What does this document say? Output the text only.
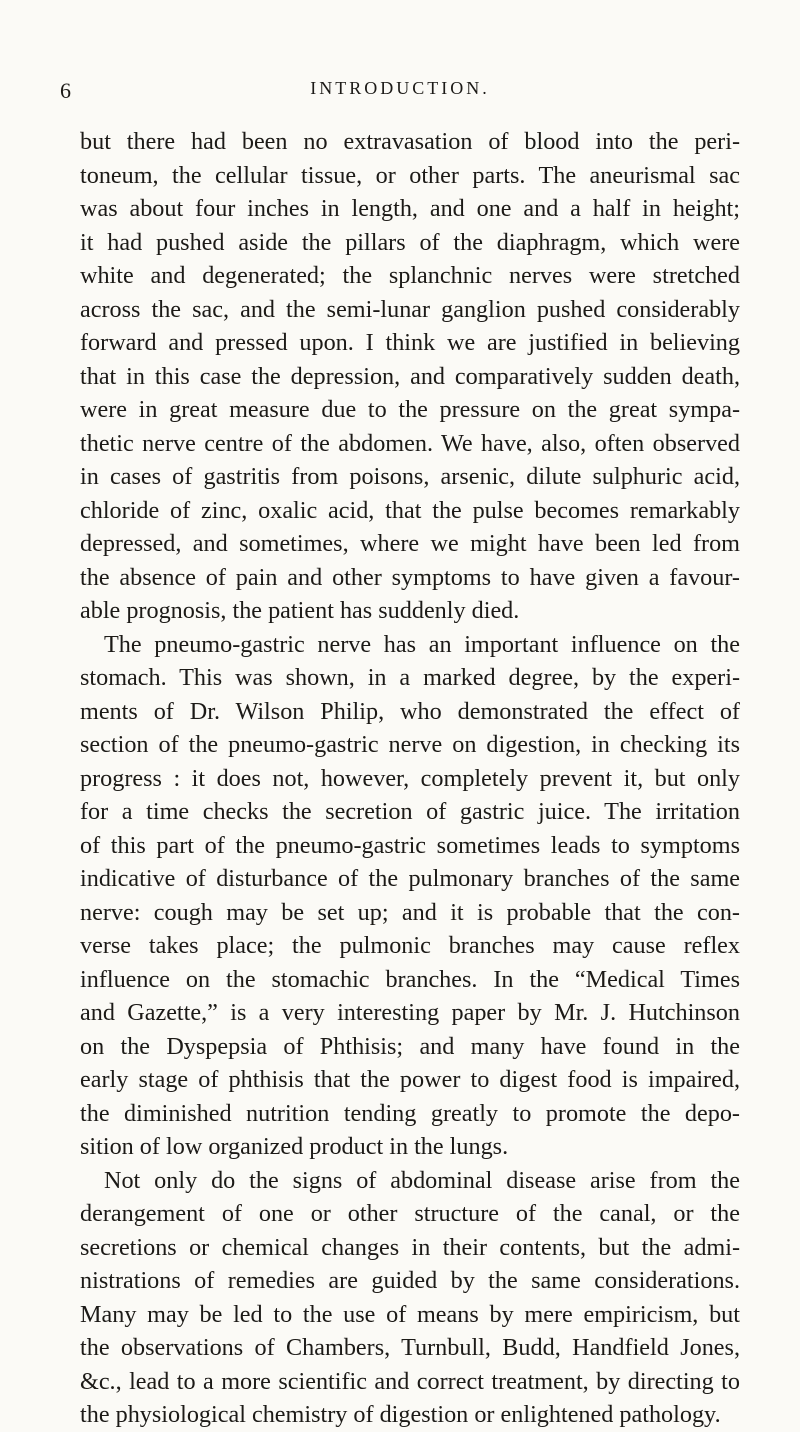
6	INTRODUCTION.
but there had been no extravasation of blood into the peri-
toneum, the cellular tissue, or other parts. The aneurismal sac
was about four inches in length, and one and a half in height;
it had pushed aside the pillars of the diaphragm, which were
white and degenerated; the splanchnic nerves were stretched
across the sac, and the semi-lunar ganglion pushed considerably
forward and pressed upon. I think we are justified in believing
that in this case the depression, and comparatively sudden death,
were in great measure due to the pressure on the great sympa-
thetic nerve centre of the abdomen. We have, also, often observed
in cases of gastritis from poisons, arsenic, dilute sulphuric acid,
chloride of zinc, oxalic acid, that the pulse becomes remarkably
depressed, and sometimes, where we might have been led from
the absence of pain and other symptoms to have given a favour-
able prognosis, the patient has suddenly died.
The pneumo-gastric nerve has an important influence on the
stomach. This was shown, in a marked degree, by the experi-
ments of Dr. Wilson Philip, who demonstrated the effect of
section of the pneumo-gastric nerve on digestion, in checking its
progress : it does not, however, completely prevent it, but only
for a time checks the secretion of gastric juice. The irritation
of this part of the pneumo-gastric sometimes leads to symptoms
indicative of disturbance of the pulmonary branches of the same
nerve: cough may be set up; and it is probable that the con-
verse takes place; the pulmonic branches may cause reflex
influence on the stomachic branches. In the “Medical Times
and Gazette,” is a very interesting paper by Mr. J. Hutchinson
on the Dyspepsia of Phthisis; and many have found in the
early stage of phthisis that the power to digest food is impaired,
the diminished nutrition tending greatly to promote the depo-
sition of low organized product in the lungs.
Not only do the signs of abdominal disease arise from the
derangement of one or other structure of the canal, or the
secretions or chemical changes in their contents, but the admi-
nistrations of remedies are guided by the same considerations.
Many may be led to the use of means by mere empiricism, but
the observations of Chambers, Turnbull, Budd, Handfield Jones,
&c., lead to a more scientific and correct treatment, by directing to
the physiological chemistry of digestion or enlightened pathology.
